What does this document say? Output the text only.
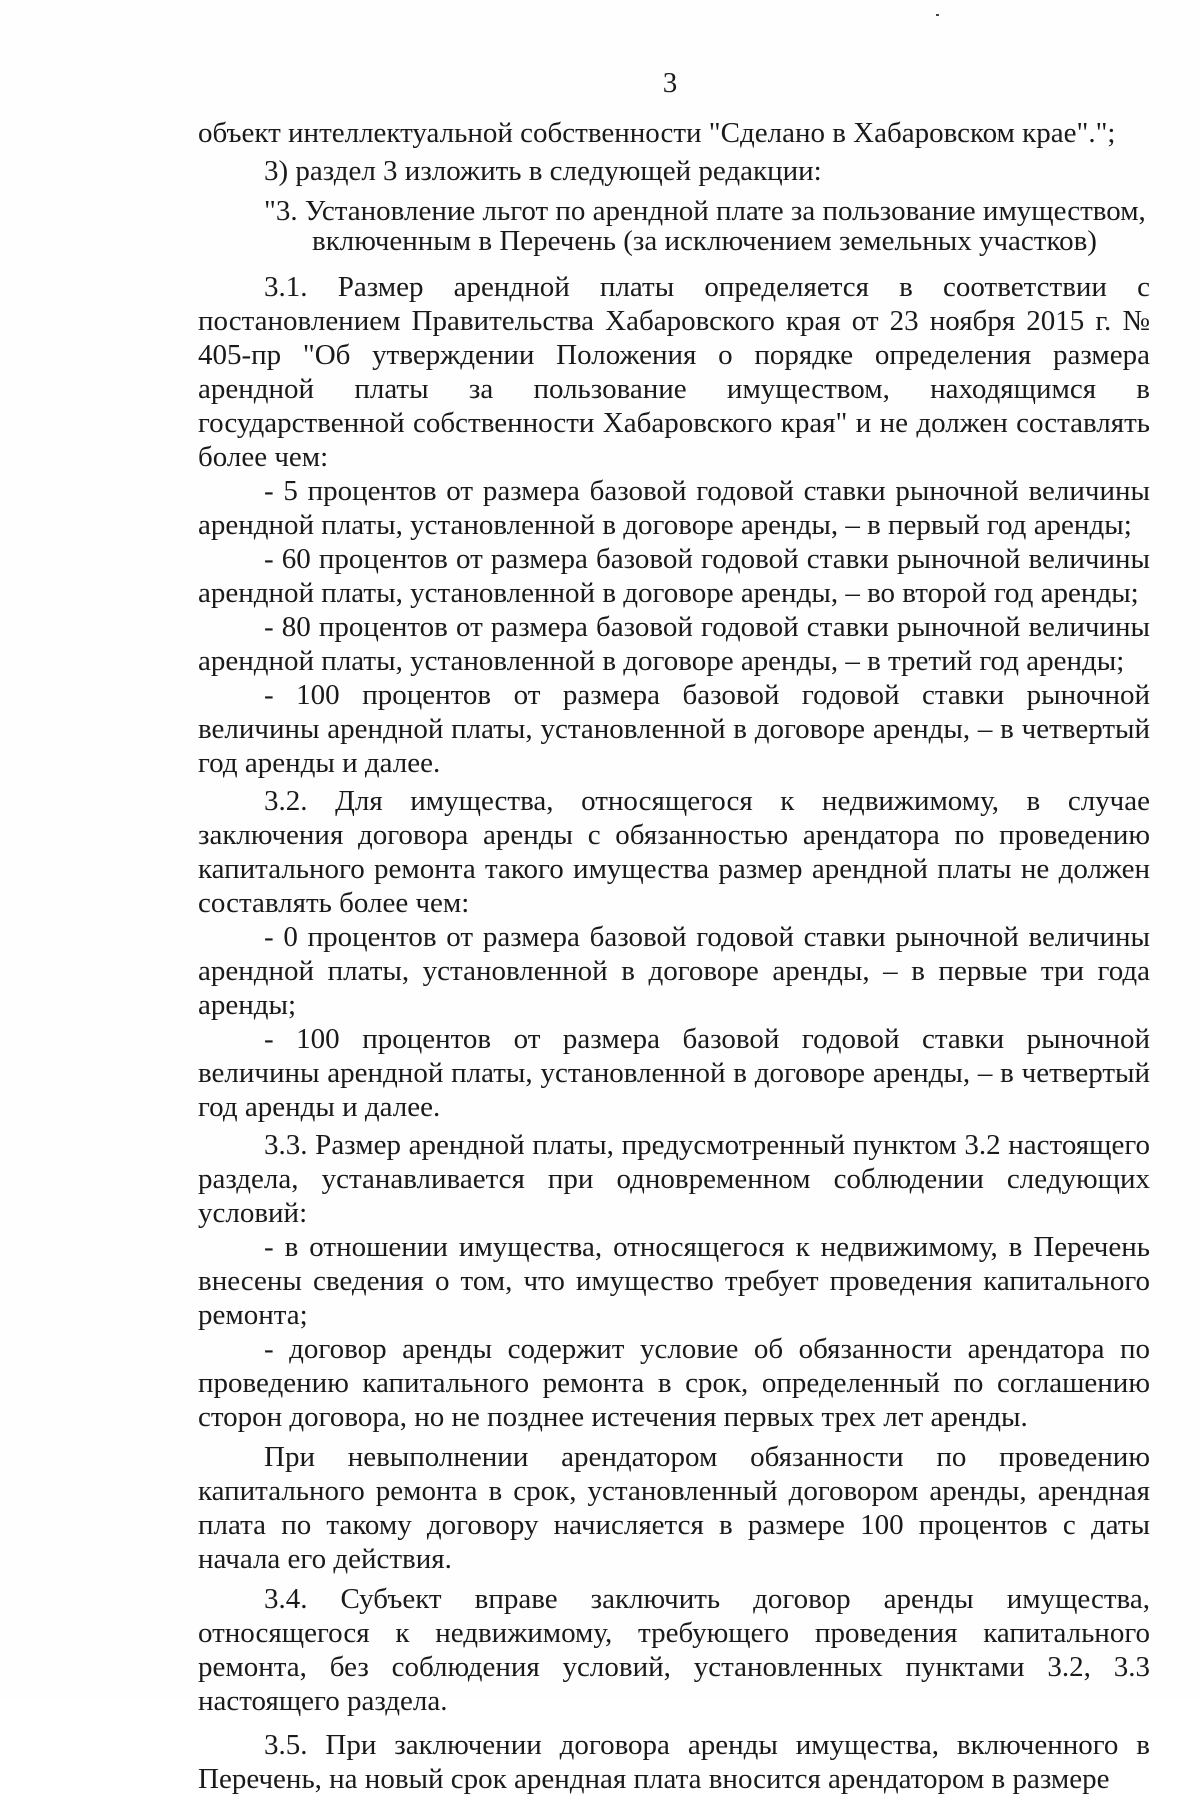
3

объект интеллектуальной собственности "Сделано в Хабаровском крае".";

3) раздел 3 изложить в следующей редакции:

"3. Установление льгот по арендной плате за пользование имуществом,
включенным в Перечень (за исключением земельных участков)

3.1. Размер арендной платы определяется в соответствии с постановлением Правительства Хабаровского края от 23 ноября 2015 г. № 405-пр "Об утверждении Положения о порядке определения размера арендной платы за пользование имуществом, находящимся в государственной собственности Хабаровского края" и не должен составлять более чем:

- 5 процентов от размера базовой годовой ставки рыночной величины арендной платы, установленной в договоре аренды, – в первый год аренды;

- 60 процентов от размера базовой годовой ставки рыночной величины арендной платы, установленной в договоре аренды, – во второй год аренды;

- 80 процентов от размера базовой годовой ставки рыночной величины арендной платы, установленной в договоре аренды, – в третий год аренды;

- 100 процентов от размера базовой годовой ставки рыночной величины арендной платы, установленной в договоре аренды, – в четвертый год аренды и далее.

3.2. Для имущества, относящегося к недвижимому, в случае заключения договора аренды с обязанностью арендатора по проведению капитального ремонта такого имущества размер арендной платы не должен составлять более чем:

- 0 процентов от размера базовой годовой ставки рыночной величины арендной платы, установленной в договоре аренды, – в первые три года аренды;

- 100 процентов от размера базовой годовой ставки рыночной величины арендной платы, установленной в договоре аренды, – в четвертый год аренды и далее.

3.3. Размер арендной платы, предусмотренный пунктом 3.2 настоящего раздела, устанавливается при одновременном соблюдении следующих условий:

- в отношении имущества, относящегося к недвижимому, в Перечень внесены сведения о том, что имущество требует проведения капитального ремонта;

- договор аренды содержит условие об обязанности арендатора по проведению капитального ремонта в срок, определенный по соглашению сторон договора, но не позднее истечения первых трех лет аренды.

При невыполнении арендатором обязанности по проведению капитального ремонта в срок, установленный договором аренды, арендная плата по такому договору начисляется в размере 100 процентов с даты начала его действия.

3.4. Субъект вправе заключить договор аренды имущества, относящегося к недвижимому, требующего проведения капитального ремонта, без соблюдения условий, установленных пунктами 3.2, 3.3 настоящего раздела.

3.5. При заключении договора аренды имущества, включенного в Перечень, на новый срок арендная плата вносится арендатором в размере
